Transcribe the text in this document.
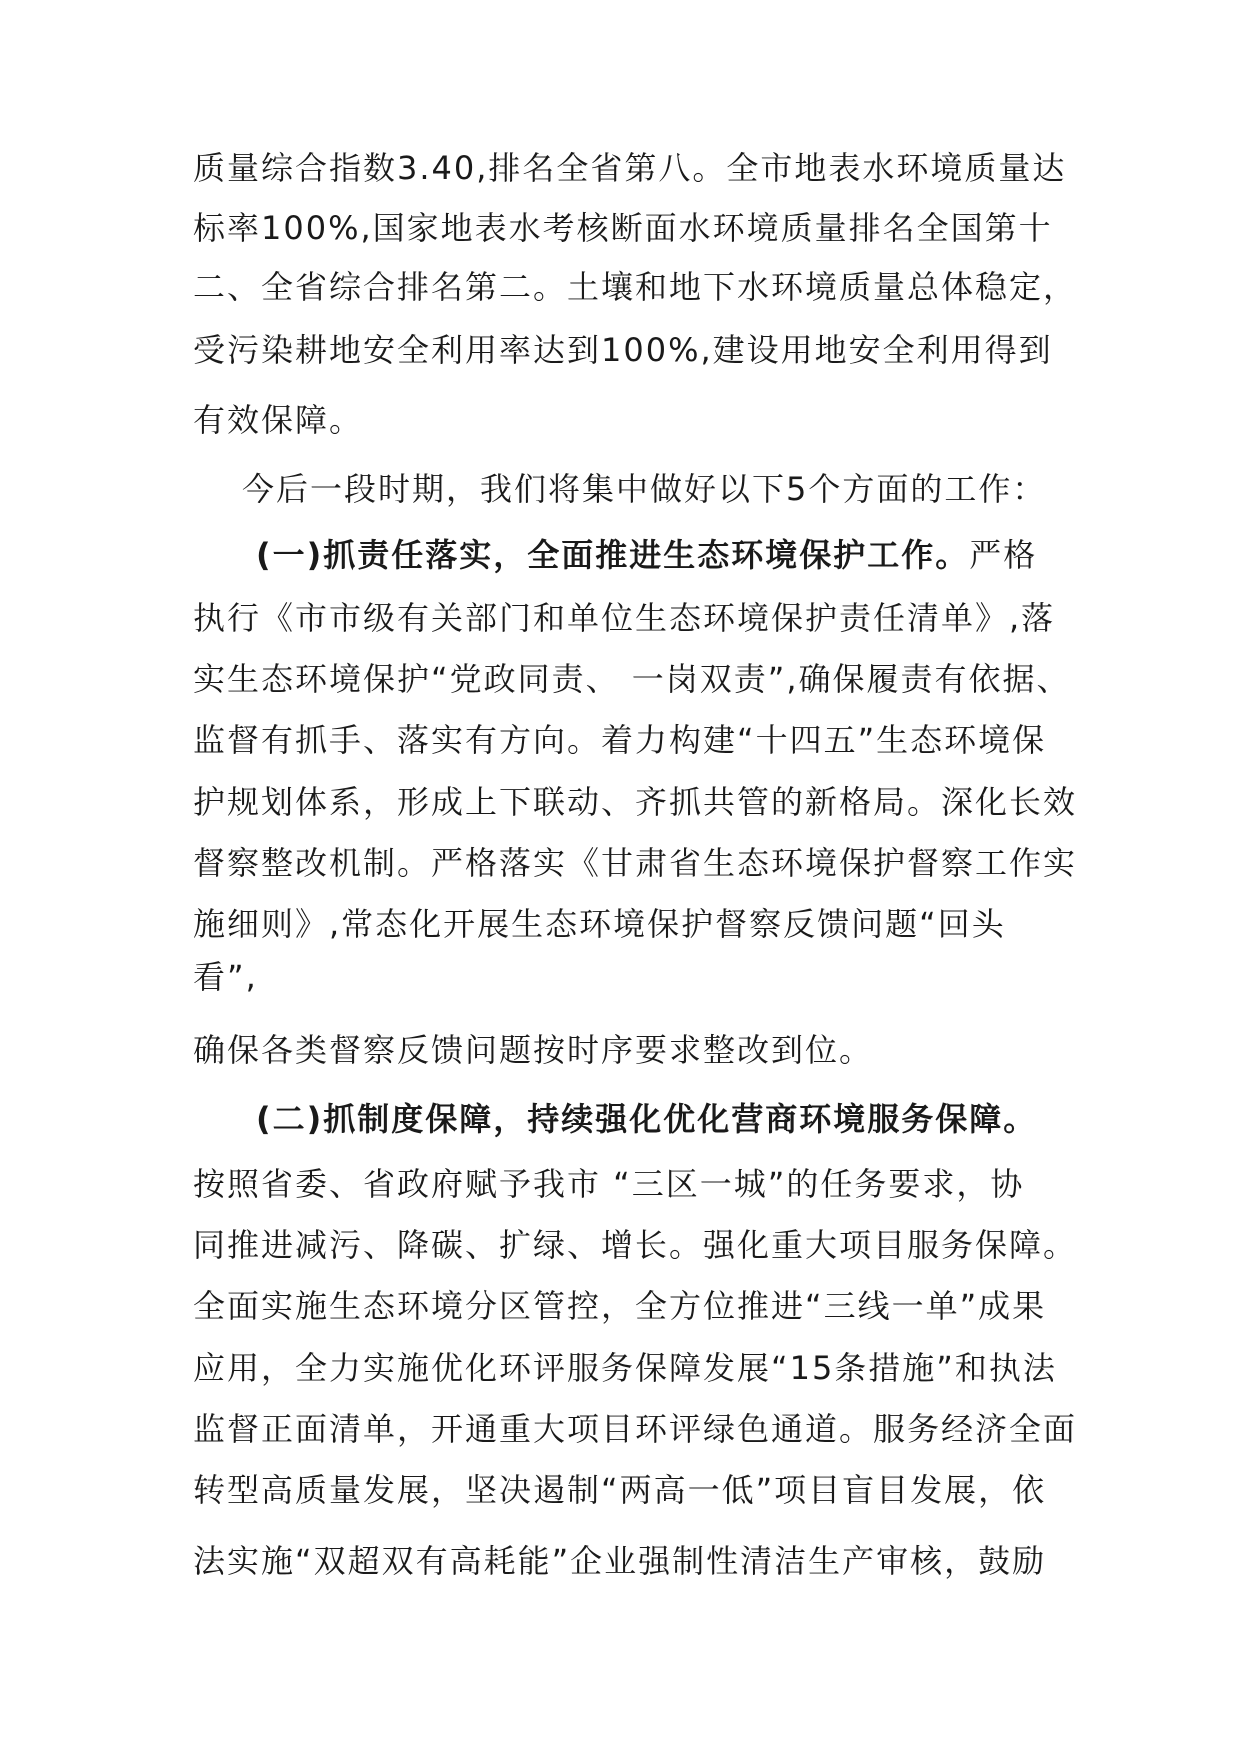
质量综合指数3.40,排名全省第八。全市地表水环境质量达
标率100%,国家地表水考核断面水环境质量排名全国第十
二、全省综合排名第二。土壤和地下水环境质量总体稳定，
受污染耕地安全利用率达到100%,建设用地安全利用得到
有效保障。
今后一段时期，我们将集中做好以下5个方面的工作：
(一)抓责任落实，全面推进生态环境保护工作。严格
执行《市市级有关部门和单位生态环境保护责任清单》,落
实生态环境保护“党政同责、 一岗双责”,确保履责有依据、
监督有抓手、落实有方向。着力构建“十四五”生态环境保
护规划体系，形成上下联动、齐抓共管的新格局。深化长效
督察整改机制。严格落实《甘肃省生态环境保护督察工作实
施细则》,常态化开展生态环境保护督察反馈问题“回头
看”,
确保各类督察反馈问题按时序要求整改到位。
(二)抓制度保障，持续强化优化营商环境服务保障。
按照省委、省政府赋予我市 “三区一城”的任务要求，协
同推进减污、降碳、扩绿、增长。强化重大项目服务保障。
全面实施生态环境分区管控，全方位推进“三线一单”成果
应用，全力实施优化环评服务保障发展“15条措施”和执法
监督正面清单，开通重大项目环评绿色通道。服务经济全面
转型高质量发展，坚决遏制“两高一低”项目盲目发展，依
法实施“双超双有高耗能”企业强制性清洁生产审核，鼓励
